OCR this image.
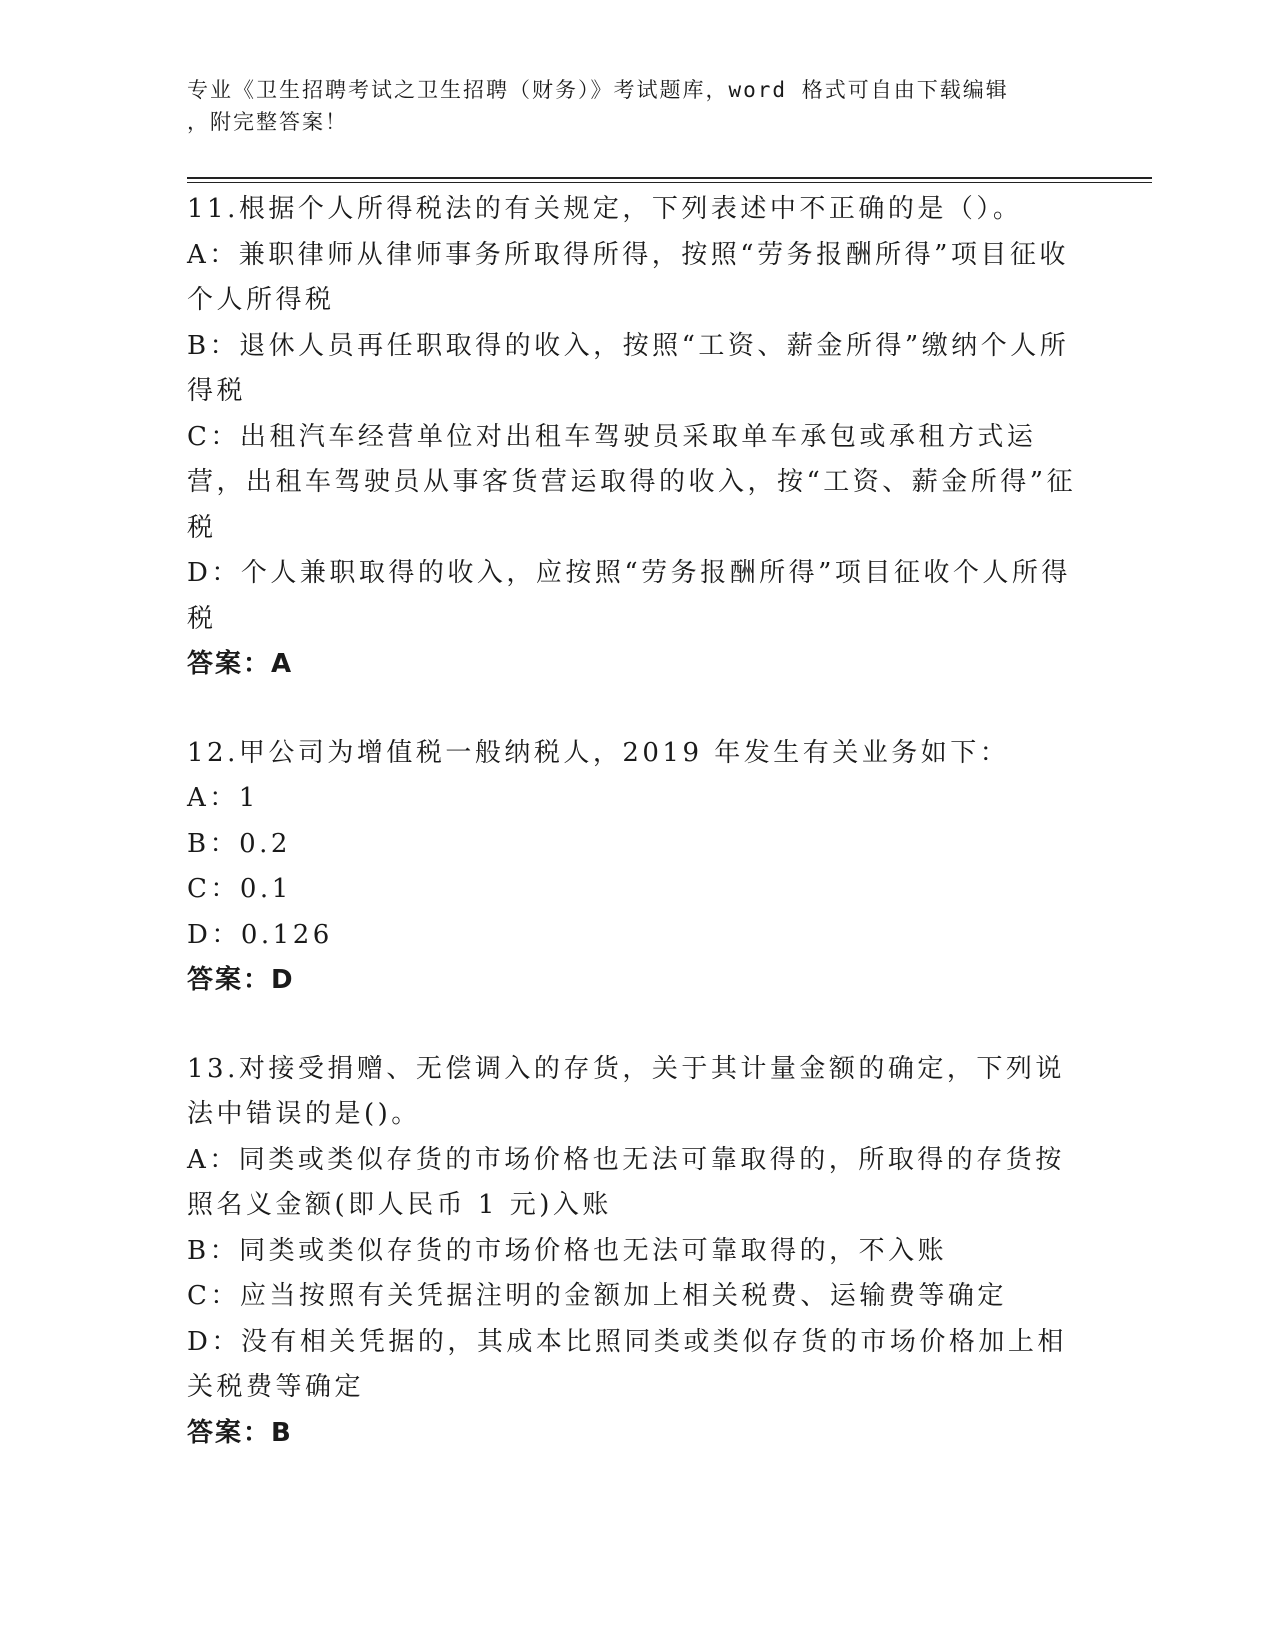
专业《卫生招聘考试之卫生招聘（财务）》考试题库，word 格式可自由下载编辑
，附完整答案！
11.根据个人所得税法的有关规定，下列表述中不正确的是（）。
A：兼职律师从律师事务所取得所得，按照“劳务报酬所得”项目征收个人所得税
B：退休人员再任职取得的收入，按照“工资、薪金所得”缴纳个人所得税
C：出租汽车经营单位对出租车驾驶员采取单车承包或承租方式运营，出租车驾驶员从事客货营运取得的收入，按“工资、薪金所得”征税
D：个人兼职取得的收入，应按照“劳务报酬所得”项目征收个人所得税
答案：A
12.甲公司为增值税一般纳税人，2019 年发生有关业务如下：
A：1
B：0.2
C：0.1
D：0.126
答案：D
13.对接受捐赠、无偿调入的存货，关于其计量金额的确定，下列说法中错误的是()。
A：同类或类似存货的市场价格也无法可靠取得的，所取得的存货按照名义金额(即人民币 1 元)入账
B：同类或类似存货的市场价格也无法可靠取得的，不入账
C：应当按照有关凭据注明的金额加上相关税费、运输费等确定
D：没有相关凭据的，其成本比照同类或类似存货的市场价格加上相关税费等确定
答案：B
